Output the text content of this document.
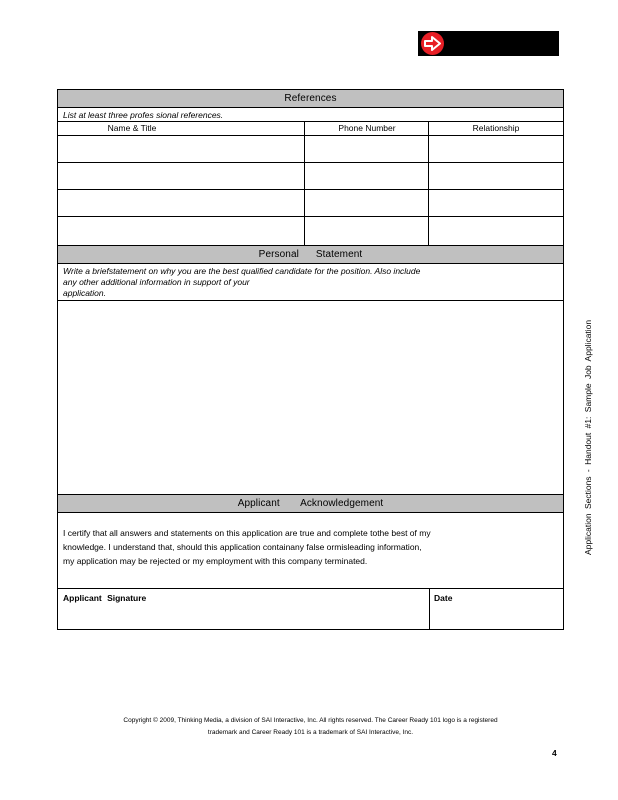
References
List at least three profes sional references.
Name & Title	Phone Number	Relationship
Personal Statement
Write a briefstatement on why you are the best qualified candidate for the position. Also include
any other additional information in support of your
application.
Applicant Acknowledgement
I certify that all answers and statements on this application are true and complete tothe best of my
knowledge. I understand that, should this application containany false ormisleading information,
my application may be rejected or my employment with this company terminated.
Applicant Signature	Date
Application Sections - Handout #1: Sample Job Application
Copyright © 2009, Thinking Media, a division of SAI Interactive, Inc. All rights reserved. The Career Ready 101 logo is a registered
trademark and Career Ready 101 is a trademark of SAI Interactive, Inc.
4
